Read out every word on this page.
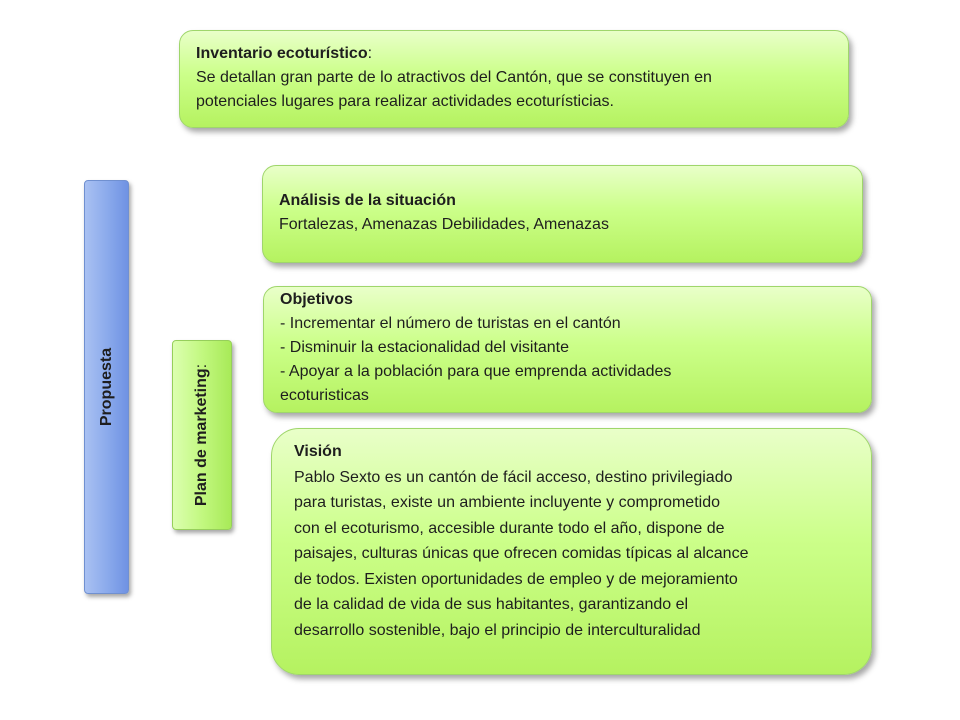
Propuesta	Plan de marketing:
Inventario ecoturístico:
Se detallan gran parte de lo atractivos del Cantón, que se constituyen en
potenciales lugares para realizar actividades ecoturísticias.
Análisis de la situación
Fortalezas, Amenazas Debilidades, Amenazas
Objetivos
- Incrementar el número de turistas en el cantón
- Disminuir la estacionalidad del visitante
- Apoyar a la población para que emprenda actividades
ecoturisticas
Visión
Pablo Sexto es un cantón de fácil acceso, destino privilegiado
para turistas, existe un ambiente incluyente y comprometido
con el ecoturismo, accesible durante todo el año, dispone de
paisajes, culturas únicas que ofrecen comidas típicas al alcance
de todos. Existen oportunidades de empleo y de mejoramiento
de la calidad de vida de sus habitantes, garantizando el
desarrollo sostenible, bajo el principio de interculturalidad
